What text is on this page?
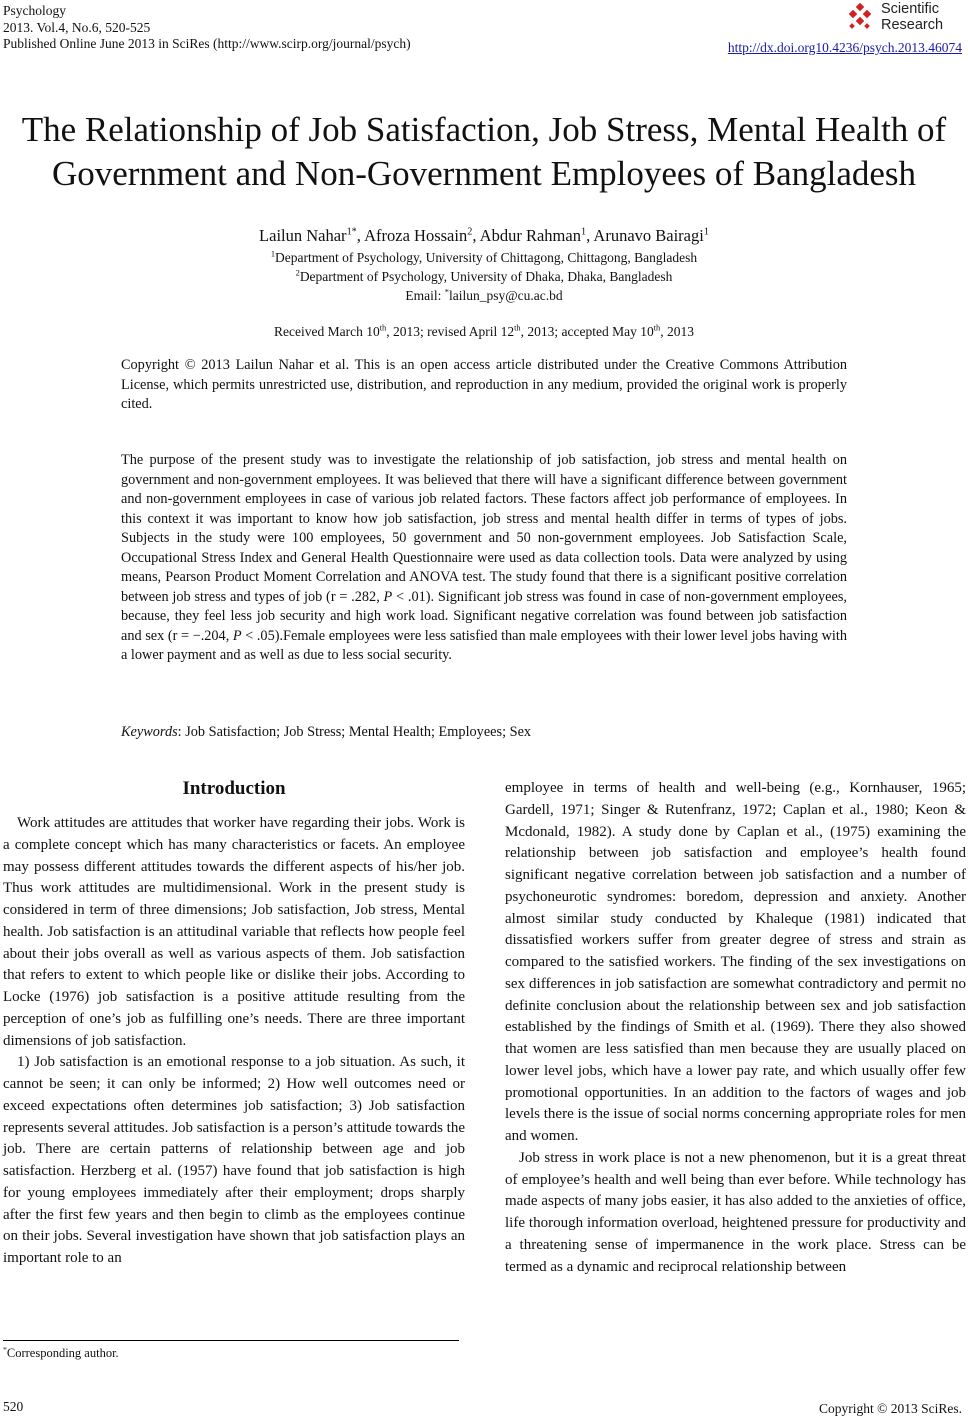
Psychology
2013. Vol.4, No.6, 520-525
Published Online June 2013 in SciRes (http://www.scirp.org/journal/psych)
Scientific
Research
http://dx.doi.org10.4236/psych.2013.46074
The Relationship of Job Satisfaction, Job Stress, Mental Health of
Government and Non-Government Employees of Bangladesh
Lailun Nahar$^{1*}$, Afroza Hossain$^2$, Abdur Rahman$^1$, Arunavo Bairagi$^1$
$^1$Department of Psychology, University of Chittagong, Chittagong, Bangladesh
$^2$Department of Psychology, University of Dhaka, Dhaka, Bangladesh
Email: *lailun_psy@cu.ac.bd
Received March 10th, 2013; revised April 12th, 2013; accepted May 10th, 2013
Copyright © 2013 Lailun Nahar et al. This is an open access article distributed under the Creative Commons Attribution License, which permits unrestricted use, distribution, and reproduction in any medium, provided the original work is properly cited.
The purpose of the present study was to investigate the relationship of job satisfaction, job stress and mental health on government and non-government employees. It was believed that there will have a significant difference between government and non-government employees in case of various job related factors. These factors affect job performance of employees. In this context it was important to know how job satisfaction, job stress and mental health differ in terms of types of jobs. Subjects in the study were 100 employees, 50 government and 50 non-government employees. Job Satisfaction Scale, Occupational Stress Index and General Health Questionnaire were used as data collection tools. Data were analyzed by using means, Pearson Product Moment Correlation and ANOVA test. The study found that there is a significant positive correlation between job stress and types of job (r = .282, P < .01). Significant job stress was found in case of non-government employees, because, they feel less job security and high work load. Significant negative correlation was found between job satisfaction and sex (r = −.204, P < .05).Female employees were less satisfied than male employees with their lower level jobs having with a lower payment and as well as due to less social security.
Keywords: Job Satisfaction; Job Stress; Mental Health; Employees; Sex
Introduction

Work attitudes are attitudes that worker have regarding their jobs. Work is a complete concept which has many characteristics or facets. An employee may possess different attitudes towards the different aspects of his/her job. Thus work attitudes are multidimensional. Work in the present study is considered in term of three dimensions; Job satisfaction, Job stress, Mental health. Job satisfaction is an attitudinal variable that reflects how people feel about their jobs overall as well as various aspects of them. Job satisfaction that refers to extent to which people like or dislike their jobs. According to Locke (1976) job satisfaction is a positive attitude resulting from the perception of one’s job as fulfilling one’s needs. There are three important dimensions of job satisfaction.

1) Job satisfaction is an emotional response to a job situation. As such, it cannot be seen; it can only be informed; 2) How well outcomes need or exceed expectations often determines job satisfaction; 3) Job satisfaction represents several attitudes. Job satisfaction is a person’s attitude towards the job. There are certain patterns of relationship between age and job satisfaction. Herzberg et al. (1957) have found that job satisfaction is high for young employees immediately after their employment; drops sharply after the first few years and then begin to climb as the employees continue on their jobs. Several investigation have shown that job satisfaction plays an important role to an

employee in terms of health and well-being (e.g., Kornhauser, 1965; Gardell, 1971; Singer & Rutenfranz, 1972; Caplan et al., 1980; Keon & Mcdonald, 1982). A study done by Caplan et al., (1975) examining the relationship between job satisfaction and employee’s health found significant negative correlation between job satisfaction and a number of psychoneurotic syndromes: boredom, depression and anxiety. Another almost similar study conducted by Khaleque (1981) indicated that dissatisfied workers suffer from greater degree of stress and strain as compared to the satisfied workers. The finding of the sex investigations on sex differences in job satisfaction are somewhat contradictory and permit no definite conclusion about the relationship between sex and job satisfaction established by the findings of Smith et al. (1969). There they also showed that women are less satisfied than men because they are usually placed on lower level jobs, which have a lower pay rate, and which usually offer few promotional opportunities. In an addition to the factors of wages and job levels there is the issue of social norms concerning appropriate roles for men and women.

Job stress in work place is not a new phenomenon, but it is a great threat of employee’s health and well being than ever before. While technology has made aspects of many jobs easier, it has also added to the anxieties of office, life thorough information overload, heightened pressure for productivity and a threatening sense of impermanence in the work place. Stress can be termed as a dynamic and reciprocal relationship between

*Corresponding author.
520	Copyright © 2013 SciRes.
